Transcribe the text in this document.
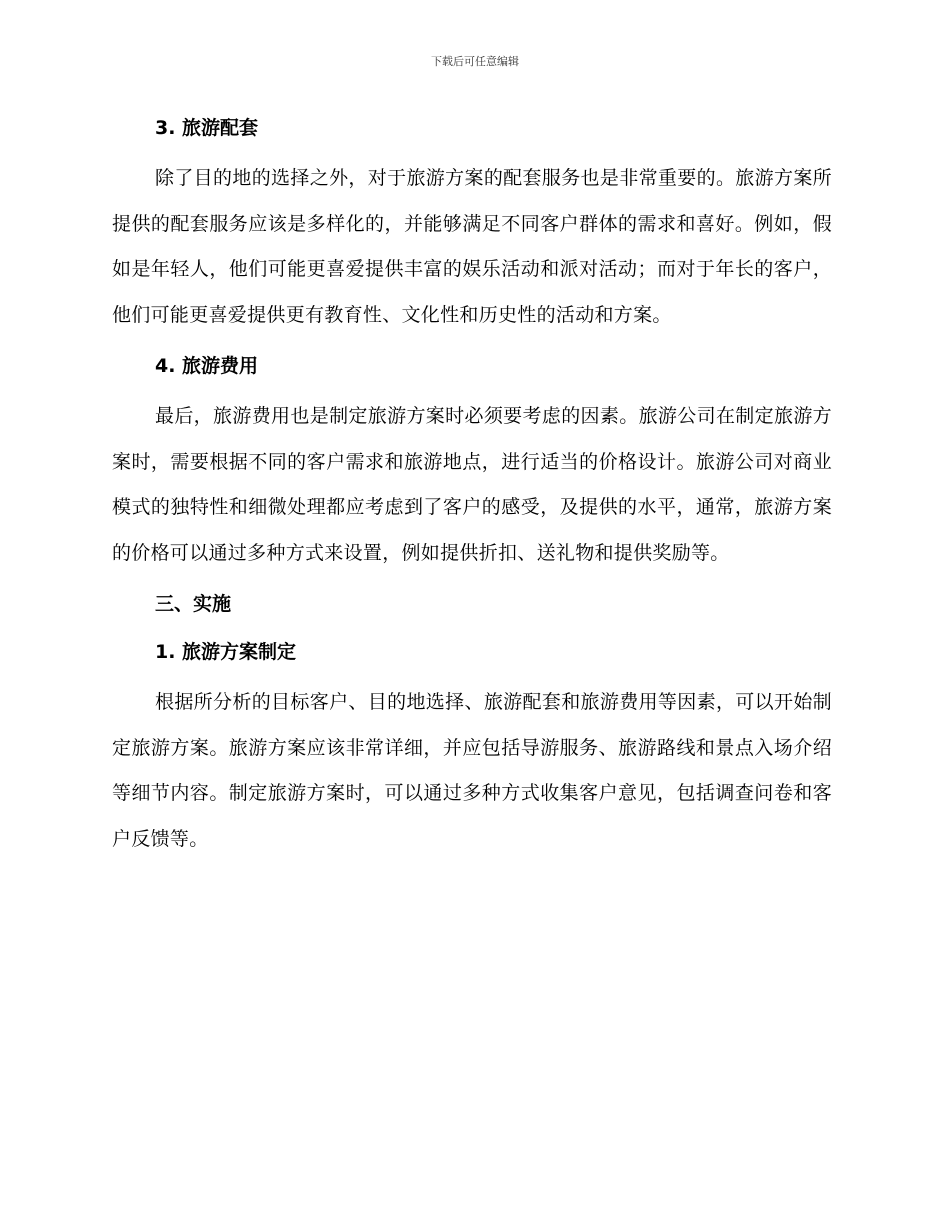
下载后可任意编辑

3. 旅游配套

除了目的地的选择之外，对于旅游方案的配套服务也是非常重要的。旅游方案所提供的配套服务应该是多样化的，并能够满足不同客户群体的需求和喜好。例如，假如是年轻人，他们可能更喜爱提供丰富的娱乐活动和派对活动；而对于年长的客户，他们可能更喜爱提供更有教育性、文化性和历史性的活动和方案。

4. 旅游费用

最后，旅游费用也是制定旅游方案时必须要考虑的因素。旅游公司在制定旅游方案时，需要根据不同的客户需求和旅游地点，进行适当的价格设计。旅游公司对商业模式的独特性和细微处理都应考虑到了客户的感受，及提供的水平，通常，旅游方案的价格可以通过多种方式来设置，例如提供折扣、送礼物和提供奖励等。

三、实施

1. 旅游方案制定

根据所分析的目标客户、目的地选择、旅游配套和旅游费用等因素，可以开始制定旅游方案。旅游方案应该非常详细，并应包括导游服务、旅游路线和景点入场介绍等细节内容。制定旅游方案时，可以通过多种方式收集客户意见，包括调查问卷和客户反馈等。
